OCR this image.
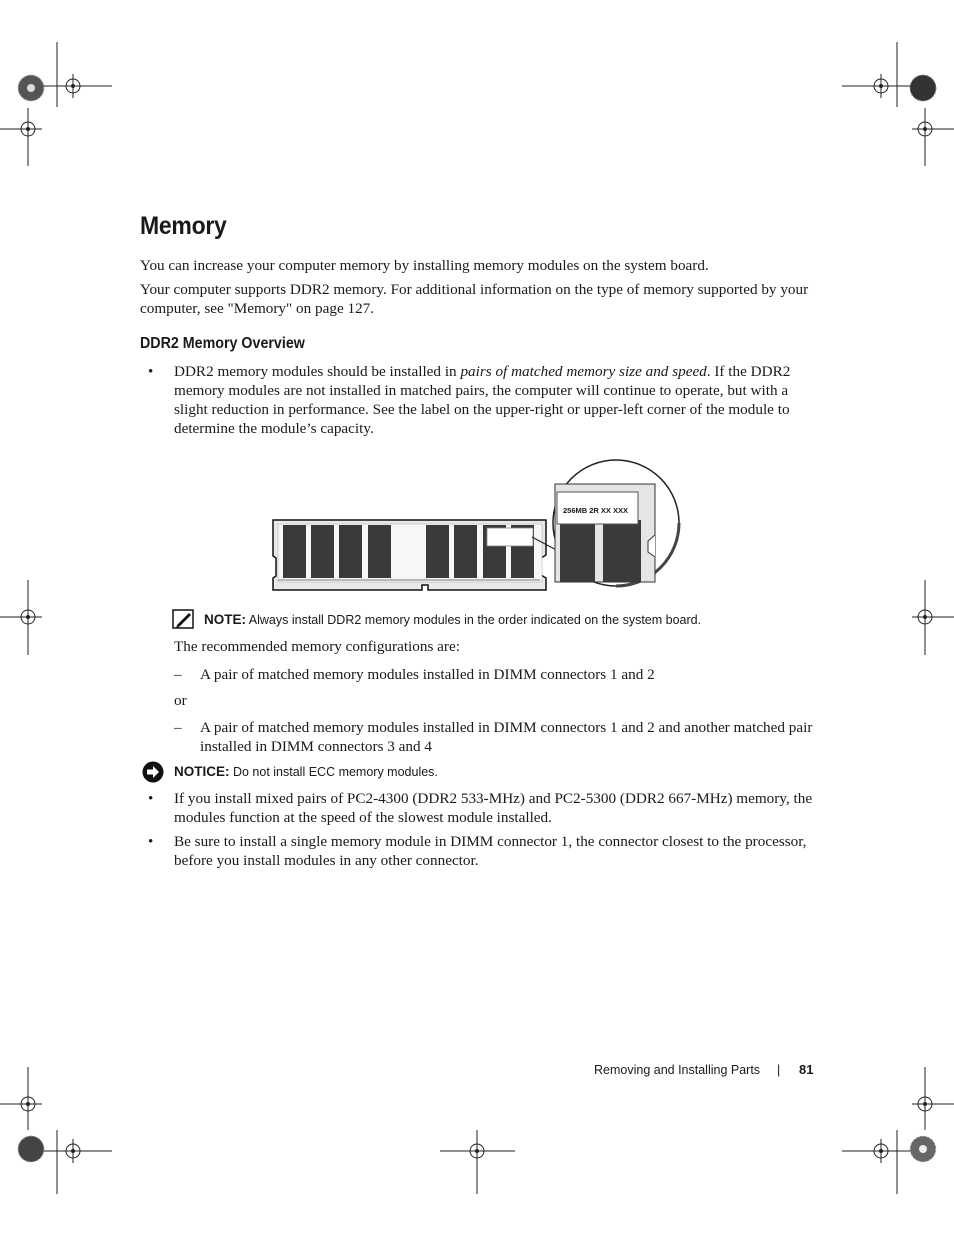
Memory

You can increase your computer memory by installing memory modules on the system board.

Your computer supports DDR2 memory. For additional information on the type of memory supported by your computer, see "Memory" on page 127.

DDR2 Memory Overview
•	DDR2 memory modules should be installed in pairs of matched memory size and speed. If the DDR2 memory modules are not installed in matched pairs, the computer will continue to operate, but with a slight reduction in performance. See the label on the upper-right or upper-left corner of the module to determine the module’s capacity.

256MB 2R XX XXX

NOTE: Always install DDR2 memory modules in the order indicated on the system board.

The recommended memory configurations are:

– A pair of matched memory modules installed in DIMM connectors 1 and 2

or

– A pair of matched memory modules installed in DIMM connectors 1 and 2 and another matched pair installed in DIMM connectors 3 and 4

NOTICE: Do not install ECC memory modules.

•	If you install mixed pairs of PC2-4300 (DDR2 533-MHz) and PC2-5300 (DDR2 667-MHz) memory, the modules function at the speed of the slowest module installed.

•	Be sure to install a single memory module in DIMM connector 1, the connector closest to the processor, before you install modules in any other connector.

Removing and Installing Parts | 81
